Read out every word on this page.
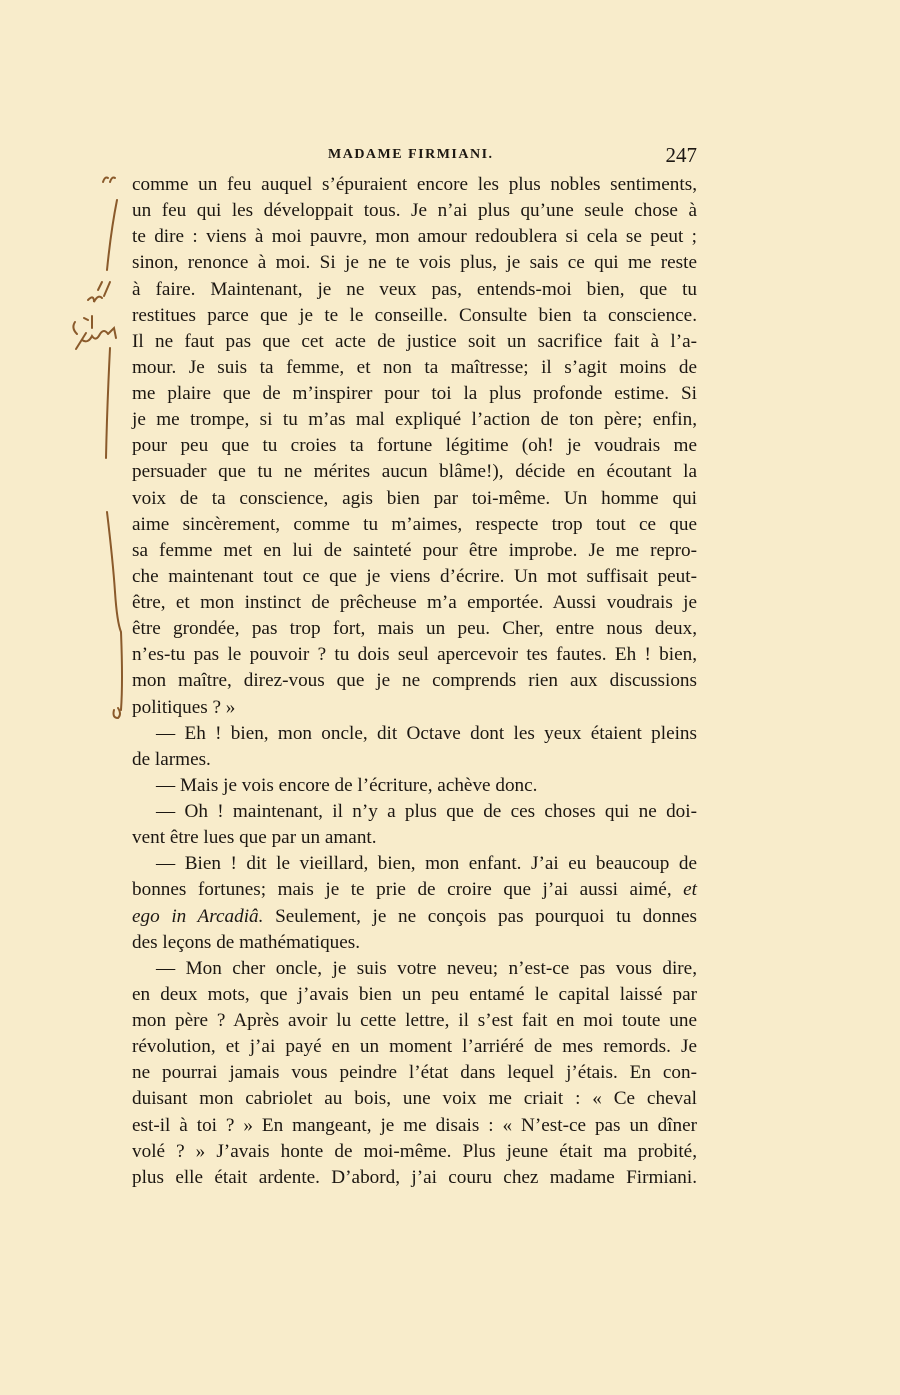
MADAME FIRMIANI.	247
comme un feu auquel s’épuraient encore les plus nobles sentiments,
un feu qui les développait tous. Je n’ai plus qu’une seule chose à
te dire : viens à moi pauvre, mon amour redoublera si cela se peut ;
sinon, renonce à moi. Si je ne te vois plus, je sais ce qui me reste
à faire. Maintenant, je ne veux pas, entends-moi bien, que tu
restitues parce que je te le conseille. Consulte bien ta conscience.
Il ne faut pas que cet acte de justice soit un sacrifice fait à l’a-
mour. Je suis ta femme, et non ta maîtresse; il s’agit moins de
me plaire que de m’inspirer pour toi la plus profonde estime. Si
je me trompe, si tu m’as mal expliqué l’action de ton père; enfin,
pour peu que tu croies ta fortune légitime (oh! je voudrais me
persuader que tu ne mérites aucun blâme!), décide en écoutant la
voix de ta conscience, agis bien par toi-même. Un homme qui
aime sincèrement, comme tu m’aimes, respecte trop tout ce que
sa femme met en lui de sainteté pour être improbe. Je me repro-
che maintenant tout ce que je viens d’écrire. Un mot suffisait peut-
être, et mon instinct de prêcheuse m’a emportée. Aussi voudrais je
être grondée, pas trop fort, mais un peu. Cher, entre nous deux,
n’es-tu pas le pouvoir ? tu dois seul apercevoir tes fautes. Eh ! bien,
mon maître, direz-vous que je ne comprends rien aux discussions
politiques ? »
— Eh ! bien, mon oncle, dit Octave dont les yeux étaient pleins
de larmes.
— Mais je vois encore de l’écriture, achève donc.
— Oh ! maintenant, il n’y a plus que de ces choses qui ne doi-
vent être lues que par un amant.
— Bien ! dit le vieillard, bien, mon enfant. J’ai eu beaucoup de
bonnes fortunes; mais je te prie de croire que j’ai aussi aimé, et
ego in Arcadiâ. Seulement, je ne conçois pas pourquoi tu donnes
des leçons de mathématiques.
— Mon cher oncle, je suis votre neveu; n’est-ce pas vous dire,
en deux mots, que j’avais bien un peu entamé le capital laissé par
mon père ? Après avoir lu cette lettre, il s’est fait en moi toute une
révolution, et j’ai payé en un moment l’arriéré de mes remords. Je
ne pourrai jamais vous peindre l’état dans lequel j’étais. En con-
duisant mon cabriolet au bois, une voix me criait : « Ce cheval
est-il à toi ? » En mangeant, je me disais : « N’est-ce pas un dîner
volé ? » J’avais honte de moi-même. Plus jeune était ma probité,
plus elle était ardente. D’abord, j’ai couru chez madame Firmiani.
